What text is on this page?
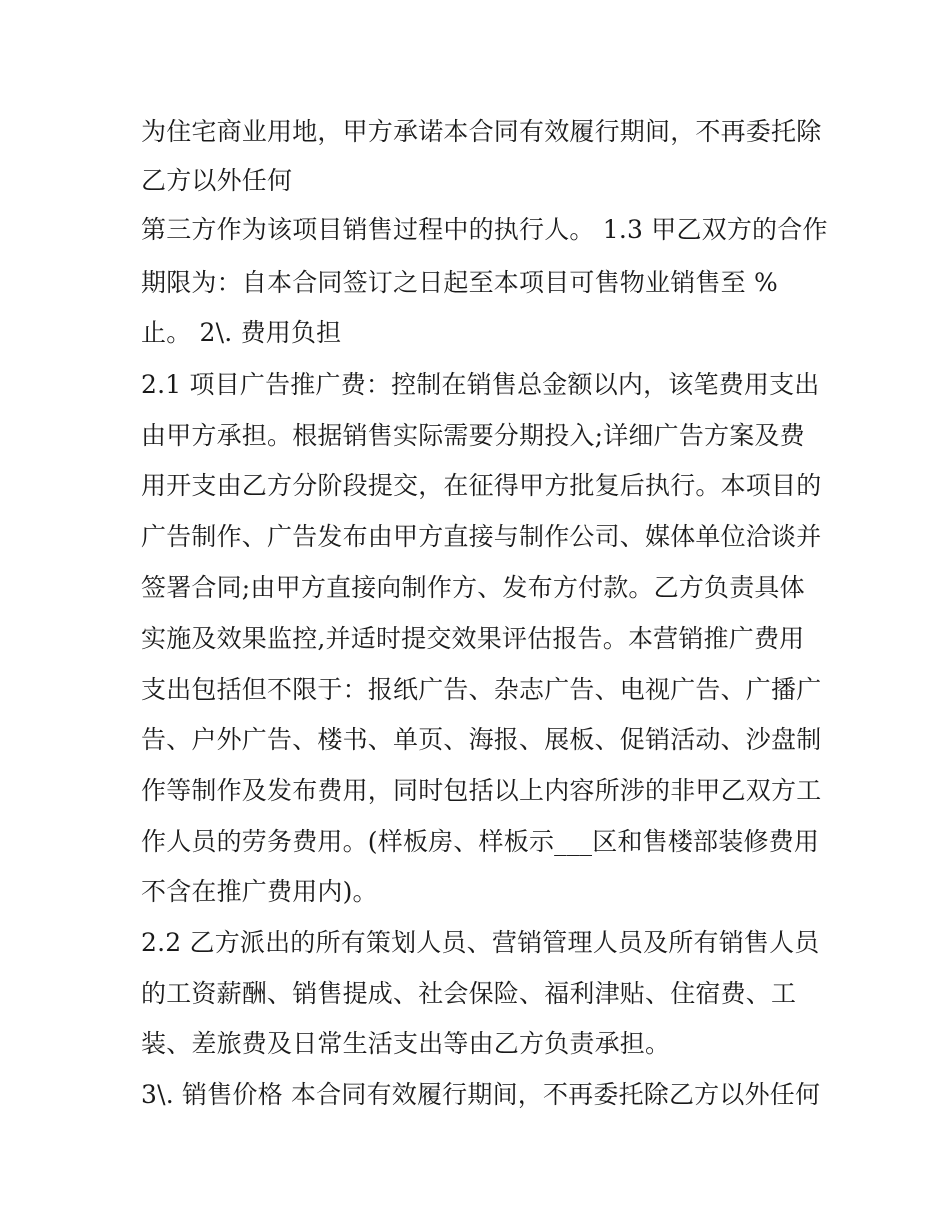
为住宅商业用地，甲方承诺本合同有效履行期间，不再委托除
乙方以外任何
第三方作为该项目销售过程中的执行人。 1.3 甲乙双方的合作
期限为：自本合同签订之日起至本项目可售物业销售至 %
止。 2\. 费用负担
2.1 项目广告推广费：控制在销售总金额以内，该笔费用支出
由甲方承担。根据销售实际需要分期投入;详细广告方案及费
用开支由乙方分阶段提交，在征得甲方批复后执行。本项目的
广告制作、广告发布由甲方直接与制作公司、媒体单位洽谈并
签署合同;由甲方直接向制作方、发布方付款。乙方负责具体
实施及效果监控,并适时提交效果评估报告。本营销推广费用
支出包括但不限于：报纸广告、杂志广告、电视广告、广播广
告、户外广告、楼书、单页、海报、展板、促销活动、沙盘制
作等制作及发布费用，同时包括以上内容所涉的非甲乙双方工
作人员的劳务费用。(样板房、样板示___区和售楼部装修费用
不含在推广费用内)。
2.2 乙方派出的所有策划人员、营销管理人员及所有销售人员
的工资薪酬、销售提成、社会保险、福利津贴、住宿费、工
装、差旅费及日常生活支出等由乙方负责承担。
3\. 销售价格 本合同有效履行期间，不再委托除乙方以外任何
